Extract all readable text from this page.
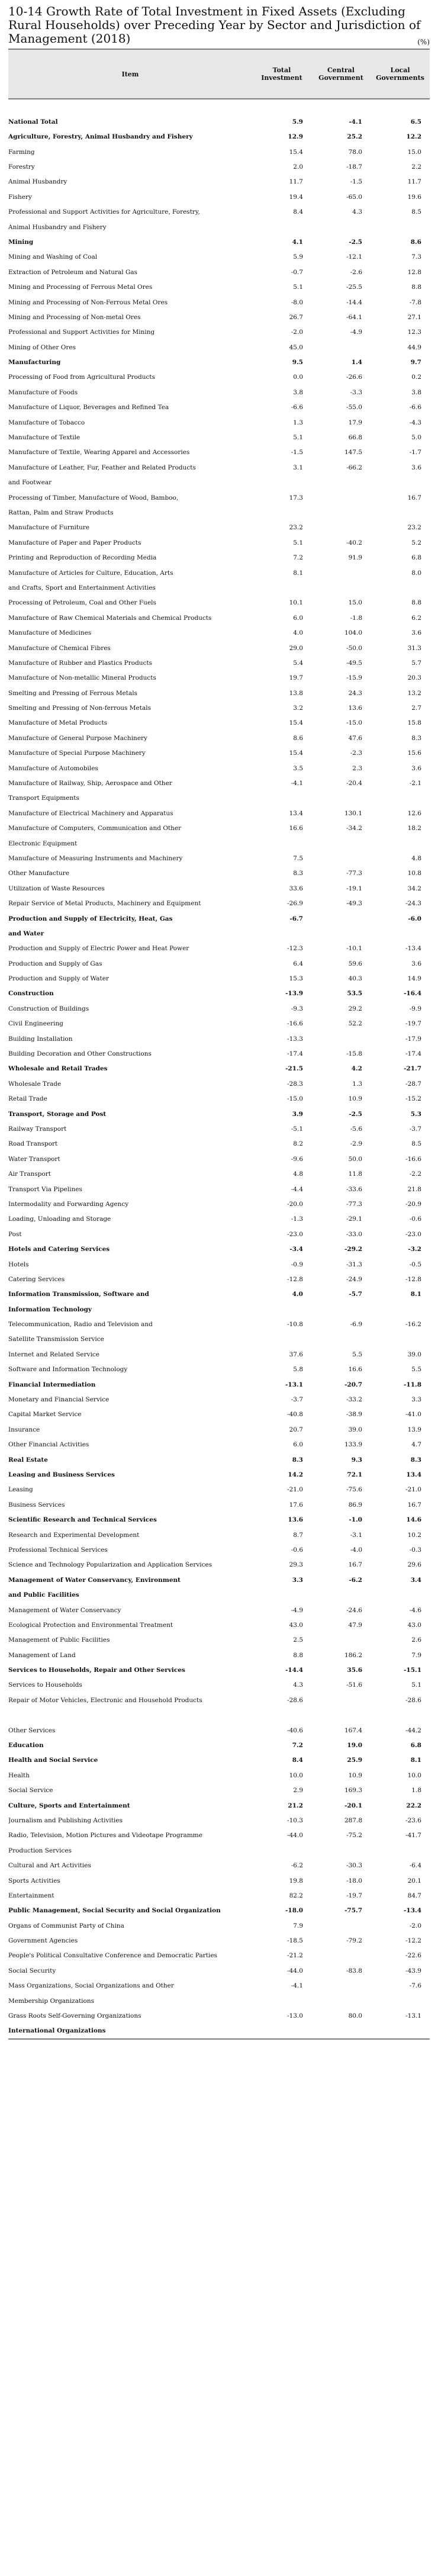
10-14 Growth Rate of Total Investment in Fixed Assets (Excluding Rural Households) over Preceding Year by Sector and Jurisdiction of Management (2018)	(%)
Item	Total Investment	Central Government	Local Governments

National Total	5.9	-4.1	6.5
Agriculture, Forestry, Animal Husbandry and Fishery	12.9	25.2	12.2
Farming	15.4	78.0	15.0
Forestry	2.0	-18.7	2.2
Animal Husbandry	11.7	-1.5	11.7
Fishery	19.4	-65.0	19.6
Professional and Support Activities for Agriculture, Forestry,	8.4	4.3	8.5
Animal Husbandry and Fishery			
Mining	4.1	-2.5	8.6
Mining and Washing of Coal	5.9	-12.1	7.3
Extraction of Petroleum and Natural Gas	-0.7	-2.6	12.8
Mining and Processing of Ferrous Metal Ores	5.1	-25.5	8.8
Mining and Processing of Non-Ferrous Metal Ores	-8.0	-14.4	-7.8
Mining and Processing of Non-metal Ores	26.7	-64.1	27.1
Professional and Support Activities for Mining	-2.0	-4.9	12.3
Mining of Other Ores	45.0		44.9
Manufacturing	9.5	1.4	9.7
Processing of Food from Agricultural Products	0.0	-26.6	0.2
Manufacture of Foods	3.8	-3.3	3.8
Manufacture of Liquor, Beverages and Refined Tea	-6.6	-55.0	-6.6
Manufacture of Tobacco	1.3	17.9	-4.3
Manufacture of Textile	5.1	66.8	5.0
Manufacture of Textile, Wearing Apparel and Accessories	-1.5	147.5	-1.7
Manufacture of Leather, Fur, Feather and Related Products	3.1	-66.2	3.6
and Footwear			
Processing of Timber, Manufacture of Wood, Bamboo,	17.3		16.7
Rattan, Palm and Straw Products			
Manufacture of Furniture	23.2		23.2
Manufacture of Paper and Paper Products	5.1	-40.2	5.2
Printing and Reproduction of Recording Media	7.2	91.9	6.8
Manufacture of Articles for Culture, Education, Arts	8.1		8.0
and Crafts, Sport and Entertainment Activities			
Processing of Petroleum, Coal and Other Fuels	10.1	15.0	8.8
Manufacture of Raw Chemical Materials and Chemical Products	6.0	-1.8	6.2
Manufacture of Medicines	4.0	104.0	3.6
Manufacture of Chemical Fibres	29.0	-50.0	31.3
Manufacture of Rubber and Plastics Products	5.4	-49.5	5.7
Manufacture of Non-metallic Mineral Products	19.7	-15.9	20.3
Smelting and Pressing of Ferrous Metals	13.8	24.3	13.2
Smelting and Pressing of Non-ferrous Metals	3.2	13.6	2.7
Manufacture of Metal Products	15.4	-15.0	15.8
Manufacture of General Purpose Machinery	8.6	47.6	8.3
Manufacture of Special Purpose Machinery	15.4	-2.3	15.6
Manufacture of Automobiles	3.5	2.3	3.6
Manufacture of Railway, Ship, Aerospace and Other	-4.1	-20.4	-2.1
Transport Equipments			
Manufacture of Electrical Machinery and Apparatus	13.4	130.1	12.6
Manufacture of Computers, Communication and Other	16.6	-34.2	18.2
Electronic Equipment			
Manufacture of Measuring Instruments and Machinery	7.5		4.8
Other Manufacture	8.3	-77.3	10.8
Utilization of Waste Resources	33.6	-19.1	34.2
Repair Service of Metal Products, Machinery and Equipment	-26.9	-49.3	-24.3
Production and Supply of Electricity, Heat, Gas	-6.7		-6.0
and Water			
Production and Supply of Electric Power and Heat Power	-12.3	-10.1	-13.4
Production and Supply of Gas	6.4	59.6	3.6
Production and Supply of Water	15.3	40.3	14.9
Construction	-13.9	53.5	-16.4
Construction of Buildings	-9.3	29.2	-9.9
Civil Engineering	-16.6	52.2	-19.7
Building Installation	-13.3		-17.9
Building Decoration and Other Constructions	-17.4	-15.8	-17.4
Wholesale and Retail Trades	-21.5	4.2	-21.7
Wholesale Trade	-28.3	1.3	-28.7
Retail Trade	-15.0	10.9	-15.2
Transport, Storage and Post	3.9	-2.5	5.3
Railway Transport	-5.1	-5.6	-3.7
Road Transport	8.2	-2.9	8.5
Water Transport	-9.6	50.0	-16.6
Air Transport	4.8	11.8	-2.2
Transport Via Pipelines	-4.4	-33.6	21.8
Intermodality and Forwarding Agency	-20.0	-77.3	-20.9
Loading, Unloading and Storage	-1.3	-29.1	-0.6
Post	-23.0	-33.0	-23.0
Hotels and Catering Services	-3.4	-29.2	-3.2
Hotels	-0.9	-31.3	-0.5
Catering Services	-12.8	-24.9	-12.8
Information Transmission, Software and	4.0	-5.7	8.1
Information Technology			
Telecommunication, Radio and Television and	-10.8	-6.9	-16.2
Satellite Transmission Service			
Internet and Related Service	37.6	5.5	39.0
Software and Information Technology	5.8	16.6	5.5
Financial Intermediation	-13.1	-20.7	-11.8
Monetary and Financial Service	-3.7	-33.2	3.3
Capital Market Service	-40.8	-38.9	-41.0
Insurance	20.7	39.0	13.9
Other Financial Activities	6.0	133.9	4.7
Real Estate	8.3	9.3	8.3
Leasing and Business Services	14.2	72.1	13.4
Leasing	-21.0	-75.6	-21.0
Business Services	17.6	86.9	16.7
Scientific Research and Technical Services	13.6	-1.0	14.6
Research and Experimental Development	8.7	-3.1	10.2
Professional Technical Services	-0.6	-4.0	-0.3
Science and Technology Popularization and Application Services	29.3	16.7	29.6
Management of Water Conservancy, Environment	3.3	-6.2	3.4
and Public Facilities			
Management of Water Conservancy	-4.9	-24.6	-4.6
Ecological Protection and Environmental Treatment	43.0	47.9	43.0
Management of Public Facilities	2.5		2.6
Management of Land	8.8	186.2	7.9
Services to Households, Repair and Other Services	-14.4	35.6	-15.1
Services to Households	4.3	-51.6	5.1
Repair of Motor Vehicles, Electronic and Household Products	-28.6		-28.6

Other Services	-40.6	167.4	-44.2
Education	7.2	19.0	6.8
Health and Social Service	8.4	25.9	8.1
Health	10.0	10.9	10.0
Social Service	2.9	169.3	1.8
Culture, Sports and Entertainment	21.2	-20.1	22.2
Journalism and Publishing Activities	-10.3	287.8	-23.6
Radio, Television, Motion Pictures and Videotape Programme	-44.0	-75.2	-41.7
Production Services			
Cultural and Art Activities	-6.2	-30.3	-6.4
Sports Activities	19.8	-18.0	20.1
Entertainment	82.2	-19.7	84.7
Public Management, Social Security and Social Organization	-18.0	-75.7	-13.4
Organs of Communist Party of China	7.9		-2.0
Government Agencies	-18.5	-79.2	-12.2
People's Political Consultative Conference and Democratic Parties	-21.2		-22.6
Social Security	-44.0	-83.8	-43.9
Mass Organizations, Social Organizations and Other	-4.1		-7.6
Membership Organizations			
Grass Roots Self-Governing Organizations	-13.0	80.0	-13.1
International Organizations			
